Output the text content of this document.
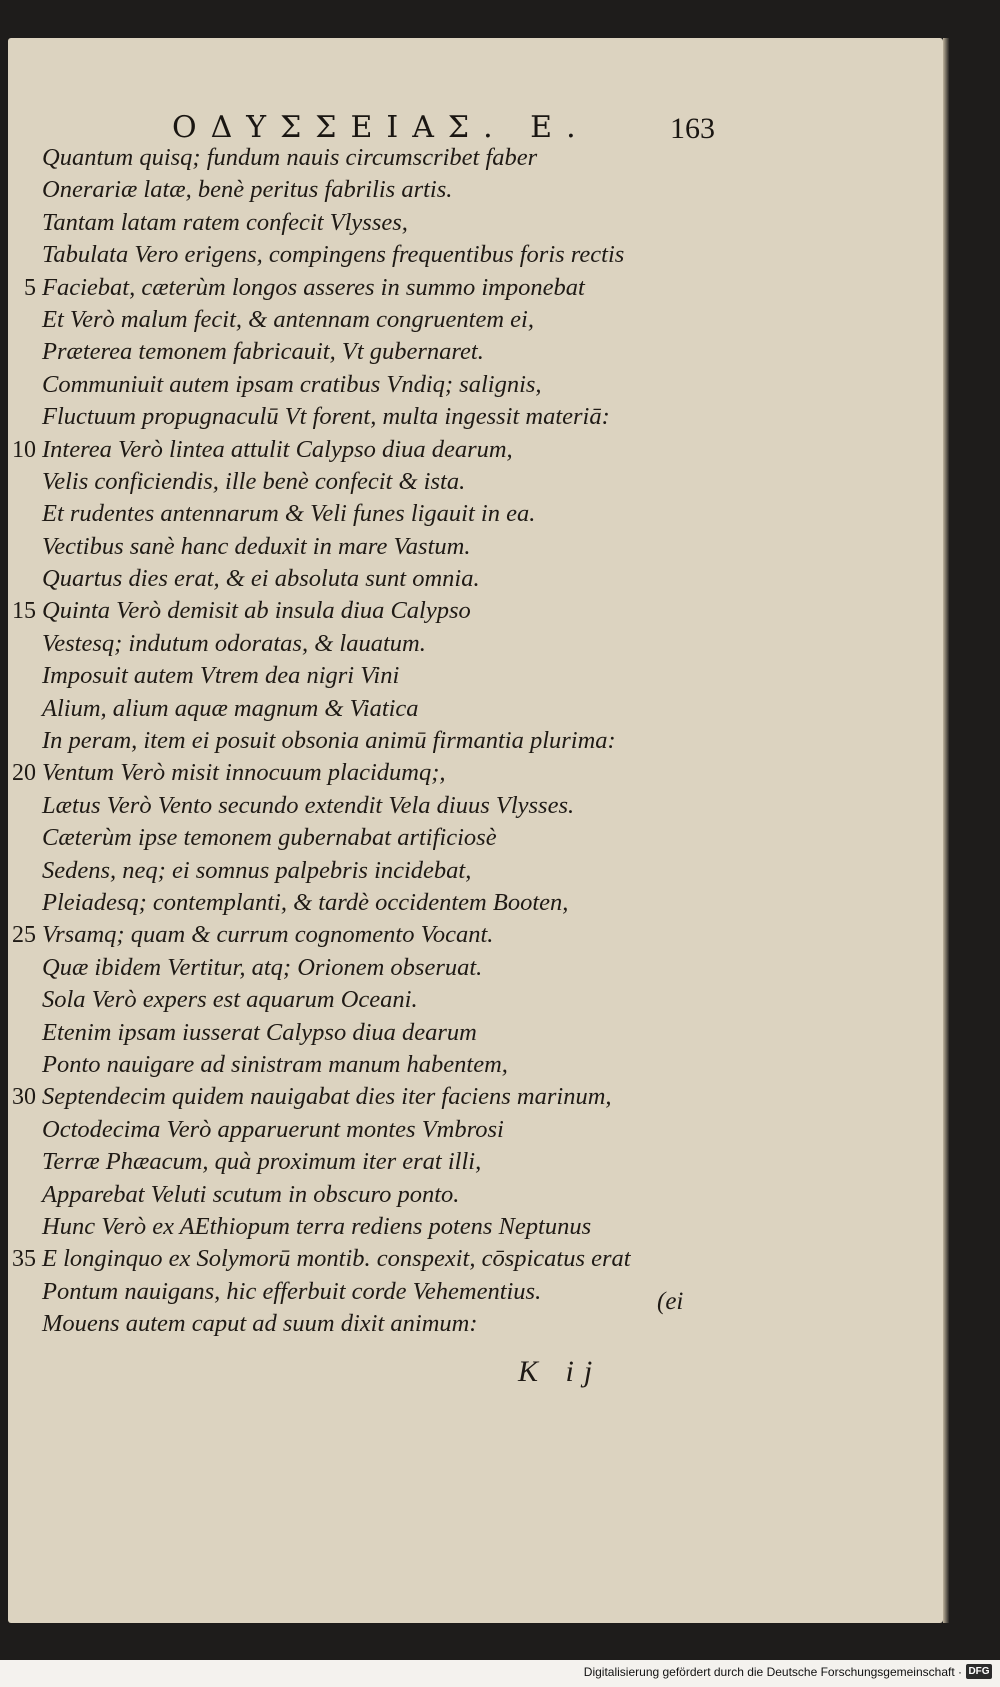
ΟΔΥΣΣΕΙΑΣ. Ε.	163
Quantum quisq; fundum nauis circumscribet faber
Onerariæ latæ, benè peritus fabrilis artis.
Tantam latam ratem confecit Vlysses,
Tabulata Vero erigens, compingens frequentibus foris rectis
5 Faciebat, cæterùm longos asseres in summo imponebat
Et Verò malum fecit, & antennam congruentem ei,
Præterea temonem fabricauit, Vt gubernaret.
Communiuit autem ipsam cratibus Vndiq; salignis,
Fluctuum propugnaculū Vt forent, multa ingessit materiā:
10 Interea Verò lintea attulit Calypso diua dearum,
Velis conficiendis, ille benè confecit & ista.
Et rudentes antennarum & Veli funes ligauit in ea.
Vectibus sanè hanc deduxit in mare Vastum.
Quartus dies erat, & ei absoluta sunt omnia.
15 Quinta Verò demisit ab insula diua Calypso
Vestesq; indutum odoratas, & lauatum.
Imposuit autem Vtrem dea nigri Vini
Alium, alium aquæ magnum & Viatica
In peram, item ei posuit obsonia animū firmantia plurima:
20 Ventum Verò misit innocuum placidumq;,
Lætus Verò Vento secundo extendit Vela diuus Vlysses.
Cæterùm ipse temonem gubernabat artificiosè
Sedens, neq; ei somnus palpebris incidebat,
Pleiadesq; contemplanti, & tardè occidentem Booten,
25 Vrsamq; quam & currum cognomento Vocant.
Quæ ibidem Vertitur, atq; Orionem obseruat.
Sola Verò expers est aquarum Oceani.
Etenim ipsam iusserat Calypso diua dearum
Ponto nauigare ad sinistram manum habentem,
30 Septendecim quidem nauigabat dies iter faciens marinum,
Octodecima Verò apparuerunt montes Vmbrosi
Terræ Phæacum, quà proximum iter erat illi,
Apparebat Veluti scutum in obscuro ponto.
Hunc Verò ex AEthiopum terra rediens potens Neptunus
35 E longinquo ex Solymorū montib. conspexit, cōspicatus erat
Pontum nauigans, hic efferbuit corde Vehementius.
Mouens autem caput ad suum dixit animum:
(ei
K ij
Digitalisierung gefördert durch die Deutsche Forschungsgemeinschaft · DFG
